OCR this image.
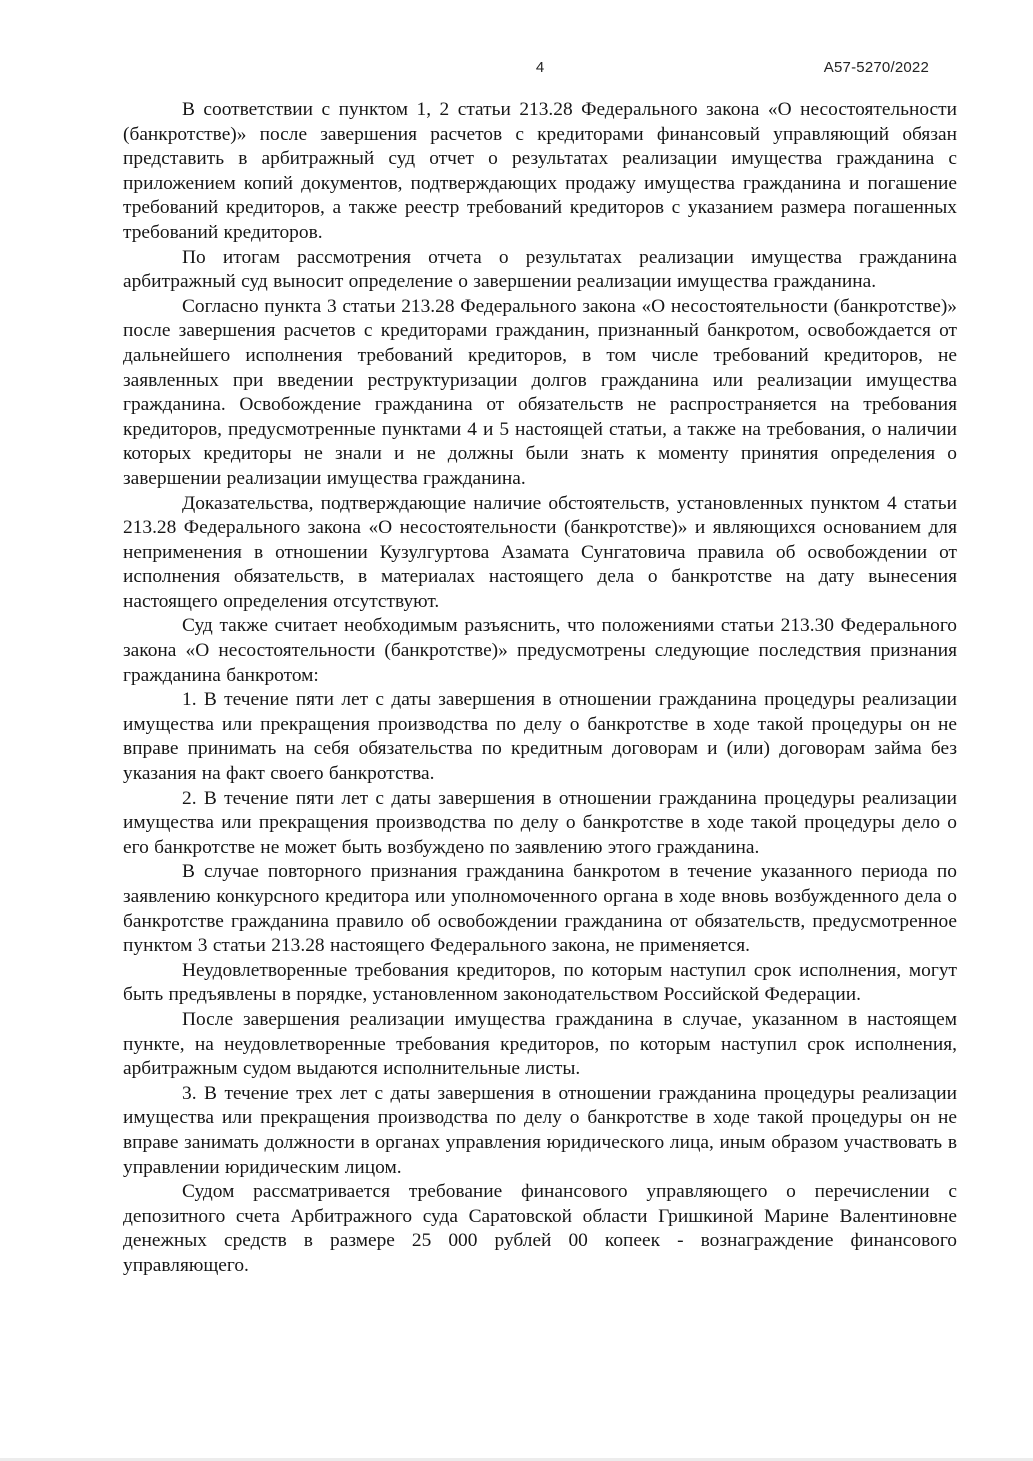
4	А57-5270/2022

В соответствии с пунктом 1, 2 статьи 213.28 Федерального закона «О несостоятельности (банкротстве)» после завершения расчетов с кредиторами финансовый управляющий обязан представить в арбитражный суд отчет о результатах реализации имущества гражданина с приложением копий документов, подтверждающих продажу имущества гражданина и погашение требований кредиторов, а также реестр требований кредиторов с указанием размера погашенных требований кредиторов.

По итогам рассмотрения отчета о результатах реализации имущества гражданина арбитражный суд выносит определение о завершении реализации имущества гражданина.

Согласно пункта 3 статьи 213.28 Федерального закона «О несостоятельности (банкротстве)» после завершения расчетов с кредиторами гражданин, признанный банкротом, освобождается от дальнейшего исполнения требований кредиторов, в том числе требований кредиторов, не заявленных при введении реструктуризации долгов гражданина или реализации имущества гражданина. Освобождение гражданина от обязательств не распространяется на требования кредиторов, предусмотренные пунктами 4 и 5 настоящей статьи, а также на требования, о наличии которых кредиторы не знали и не должны были знать к моменту принятия определения о завершении реализации имущества гражданина.

Доказательства, подтверждающие наличие обстоятельств, установленных пунктом 4 статьи 213.28 Федерального закона «О несостоятельности (банкротстве)» и являющихся основанием для неприменения в отношении Кузулгуртова Азамата Сунгатовича правила об освобождении от исполнения обязательств, в материалах настоящего дела о банкротстве на дату вынесения настоящего определения отсутствуют.

Суд также считает необходимым разъяснить, что положениями статьи 213.30 Федерального закона «О несостоятельности (банкротстве)» предусмотрены следующие последствия признания гражданина банкротом:

1. В течение пяти лет с даты завершения в отношении гражданина процедуры реализации имущества или прекращения производства по делу о банкротстве в ходе такой процедуры он не вправе принимать на себя обязательства по кредитным договорам и (или) договорам займа без указания на факт своего банкротства.

2. В течение пяти лет с даты завершения в отношении гражданина процедуры реализации имущества или прекращения производства по делу о банкротстве в ходе такой процедуры дело о его банкротстве не может быть возбуждено по заявлению этого гражданина.

В случае повторного признания гражданина банкротом в течение указанного периода по заявлению конкурсного кредитора или уполномоченного органа в ходе вновь возбужденного дела о банкротстве гражданина правило об освобождении гражданина от обязательств, предусмотренное пунктом 3 статьи 213.28 настоящего Федерального закона, не применяется.

Неудовлетворенные требования кредиторов, по которым наступил срок исполнения, могут быть предъявлены в порядке, установленном законодательством Российской Федерации.

После завершения реализации имущества гражданина в случае, указанном в настоящем пункте, на неудовлетворенные требования кредиторов, по которым наступил срок исполнения, арбитражным судом выдаются исполнительные листы.

3. В течение трех лет с даты завершения в отношении гражданина процедуры реализации имущества или прекращения производства по делу о банкротстве в ходе такой процедуры он не вправе занимать должности в органах управления юридического лица, иным образом участвовать в управлении юридическим лицом.

Судом рассматривается требование финансового управляющего о перечислении с депозитного счета Арбитражного суда Саратовской области Гришкиной Марине Валентиновне денежных средств в размере 25 000 рублей 00 копеек - вознаграждение финансового управляющего.
